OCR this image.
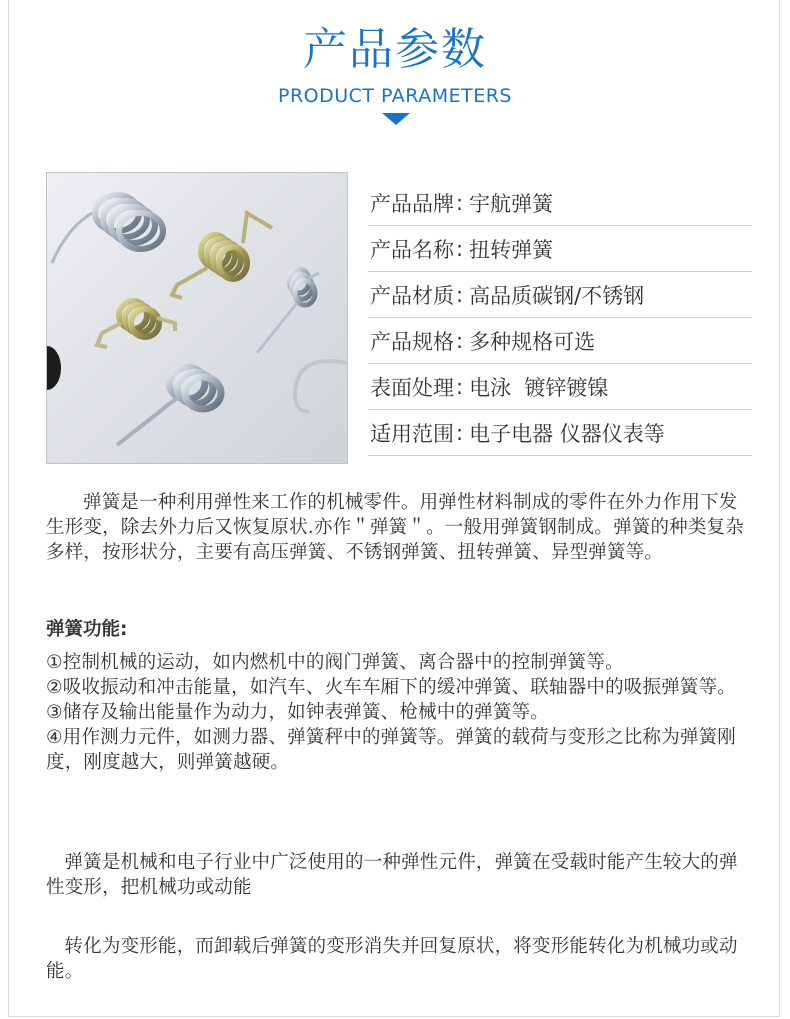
产品参数
PRODUCT PARAMETERS
产品品牌 : 宇航弹簧
产品名称 : 扭转弹簧
产品材质 : 高品质碳钢/不锈钢
产品规格 : 多种规格可选
表面处理 : 电泳  镀锌镀镍
适用范围 : 电子电器 仪器仪表等

弹簧是一种利用弹性来工作的机械零件。用弹性材料制成的零件在外力作用下发生形变，除去外力后又恢复原状.亦作＂弹簧＂。一般用弹簧钢制成。弹簧的种类复杂多样，按形状分，主要有高压弹簧、不锈钢弹簧、扭转弹簧、异型弹簧等。

弹簧功能:

①控制机械的运动，如内燃机中的阀门弹簧、离合器中的控制弹簧等。

②吸收振动和冲击能量，如汽车、火车车厢下的缓冲弹簧、联轴器中的吸振弹簧等。

③储存及输出能量作为动力，如钟表弹簧、枪械中的弹簧等。

④用作测力元件，如测力器、弹簧秤中的弹簧等。弹簧的载荷与变形之比称为弹簧刚度，刚度越大，则弹簧越硬。

弹簧是机械和电子行业中广泛使用的一种弹性元件，弹簧在受载时能产生较大的弹性变形，把机械功或动能

转化为变形能，而卸载后弹簧的变形消失并回复原状，将变形能转化为机械功或动能。
